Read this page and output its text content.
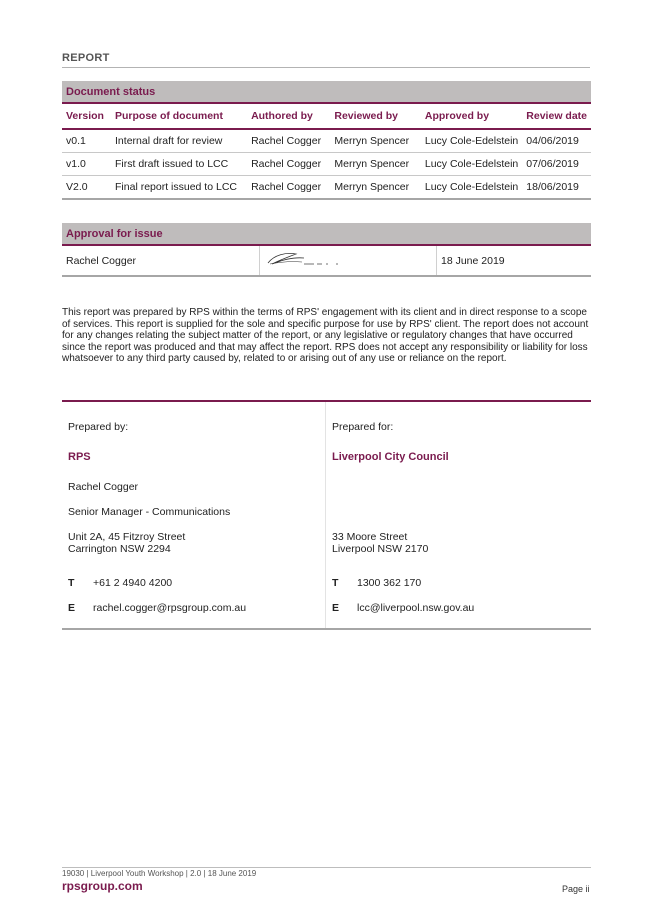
REPORT
Document status					
Version	Purpose of document	Authored by	Reviewed by	Approved by	Review date
v0.1	Internal draft for review	Rachel Cogger	Merryn Spencer	Lucy Cole-Edelstein	04/06/2019
v1.0	First draft issued to LCC	Rachel Cogger	Merryn Spencer	Lucy Cole-Edelstein	07/06/2019
V2.0	Final report issued to LCC	Rachel Cogger	Merryn Spencer	Lucy Cole-Edelstein	18/06/2019
Approval for issue
Rachel Cogger		18 June 2019
This report was prepared by RPS within the terms of RPS' engagement with its client and in direct response to a scope of services. This report is supplied for the sole and specific purpose for use by RPS' client. The report does not account for any changes relating the subject matter of the report, or any legislative or regulatory changes that have occurred since the report was produced and that may affect the report. RPS does not accept any responsibility or liability for loss whatsoever to any third party caused by, related to or arising out of any use or reliance on the report.
Prepared by:
RPS
Rachel Cogger
Senior Manager - Communications
Unit 2A, 45 Fitzroy Street
Carrington NSW 2294
T +61 2 4940 4200
E rachel.cogger@rpsgroup.com.au
Prepared for:
Liverpool City Council
33 Moore Street
Liverpool NSW 2170
T 1300 362 170
E lcc@liverpool.nsw.gov.au
19030 | Liverpool Youth Workshop | 2.0 | 18 June 2019
rpsgroup.com	Page ii
